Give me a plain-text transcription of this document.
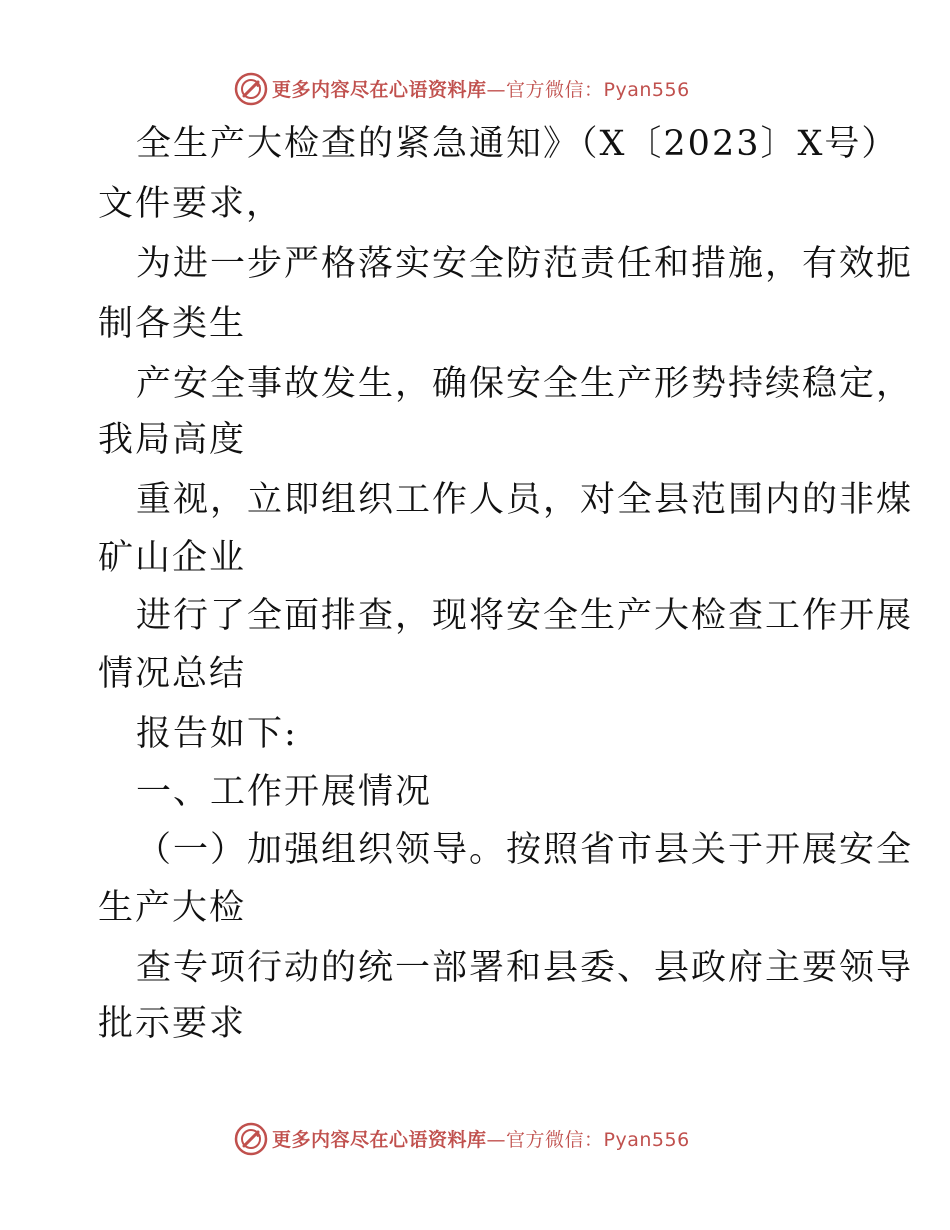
更多内容尽在心语资料库—官方微信：Pyan556
全生产大检查的紧急通知》（X〔2023〕X号）
文件要求，
为进一步严格落实安全防范责任和措施，有效扼
制各类生
产安全事故发生，确保安全生产形势持续稳定，
我局高度
重视，立即组织工作人员，对全县范围内的非煤
矿山企业
进行了全面排查，现将安全生产大检查工作开展
情况总结
报告如下:
一、工作开展情况
（一）加强组织领导。按照省市县关于开展安全
生产大检
查专项行动的统一部署和县委、县政府主要领导
批示要求
更多内容尽在心语资料库—官方微信：Pyan556
